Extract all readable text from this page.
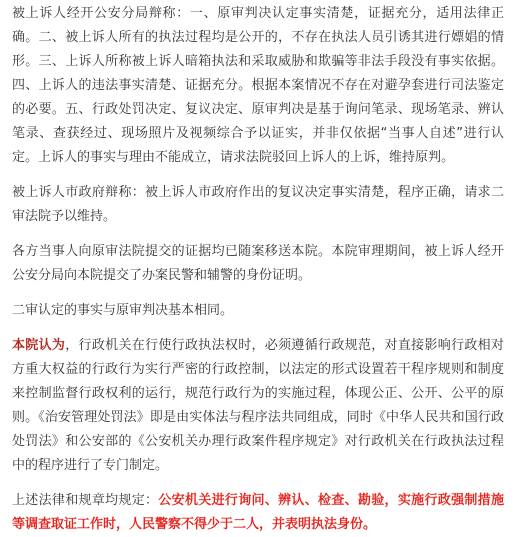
被上诉人经开公安分局辩称：一、原审判决认定事实清楚，证据充分，适用法律正确。二、被上诉人所有的执法过程均是公开的，不存在执法人员引诱其进行嫖娼的情形。三、上诉人所称被上诉人暗箱执法和采取威胁和欺骗等非法手段没有事实依据。四、上诉人的违法事实清楚、证据充分。根据本案情况不存在对避孕套进行司法鉴定的必要。五、行政处罚决定、复议决定、原审判决是基于询问笔录、现场笔录、辨认笔录、查获经过、现场照片及视频综合予以证实，并非仅依据“当事人自述”进行认定。上诉人的事实与理由不能成立，请求法院驳回上诉人的上诉，维持原判。

被上诉人市政府辩称：被上诉人市政府作出的复议决定事实清楚，程序正确，请求二审法院予以维持。

各方当事人向原审法院提交的证据均已随案移送本院。本院审理期间，被上诉人经开公安分局向本院提交了办案民警和辅警的身份证明。

二审认定的事实与原审判决基本相同。

本院认为，行政机关在行使行政执法权时，必须遵循行政规范，对直接影响行政相对方重大权益的行政行为实行严密的行政控制，以法定的形式设置若干程序规则和制度来控制监督行政权利的运行，规范行政行为的实施过程，体现公正、公开、公平的原则。《治安管理处罚法》即是由实体法与程序法共同组成，同时《中华人民共和国行政处罚法》和公安部的《公安机关办理行政案件程序规定》对行政机关在行政执法过程中的程序进行了专门制定。

上述法律和规章均规定：公安机关进行询问、辨认、检查、勘验，实施行政强制措施等调查取证工作时，人民警察不得少于二人，并表明执法身份。
